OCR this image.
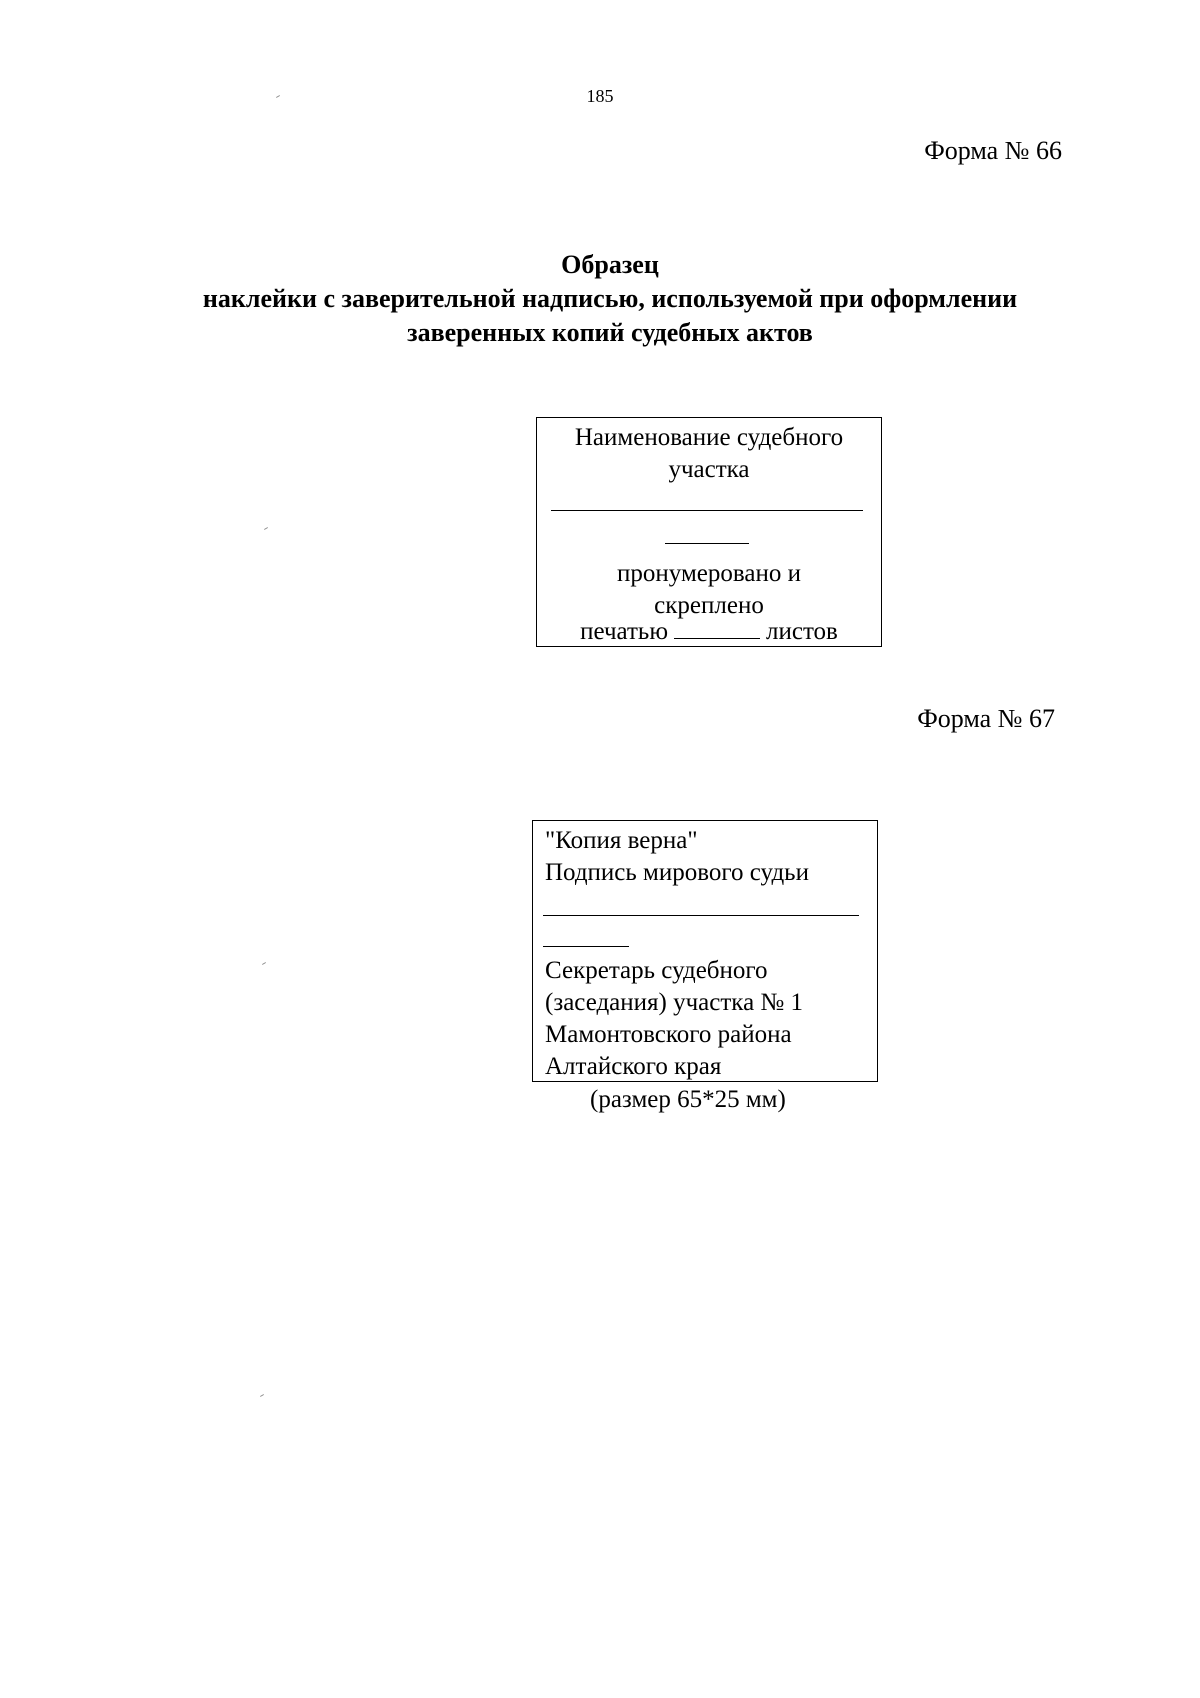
185
Форма № 66
Образец
наклейки с заверительной надписью, используемой при оформлении
заверенных копий судебных актов
Наименование судебного
участка
пронумеровано и
скреплено
печатью	листов
Форма № 67
"Копия верна"
Подпись мирового судьи
Секретарь судебного
(заседания) участка № 1
Мамонтовского района
Алтайского края
(размер 65*25 мм)
